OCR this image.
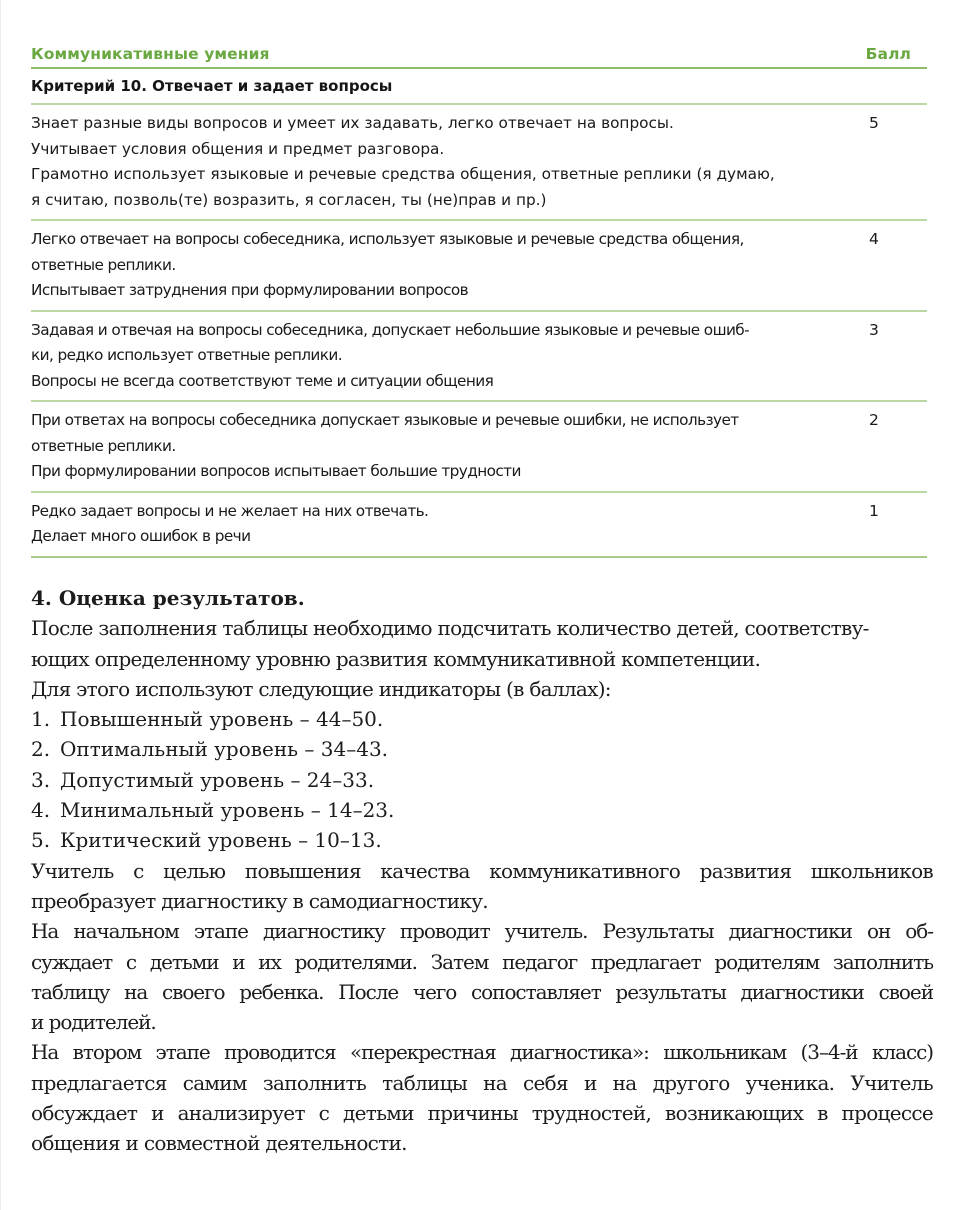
Коммуникативные умения	Балл
Критерий 10. Отвечает и задает вопросы
Знает разные виды вопросов и умеет их задавать, легко отвечает на вопросы.
Учитывает условия общения и предмет разговора.
Грамотно использует языковые и речевые средства общения, ответные реплики (я думаю,
я считаю, позволь(те) возразить, я согласен, ты (не)прав и пр.)
5
Легко отвечает на вопросы собеседника, использует языковые и речевые средства общения,
ответные реплики.
Испытывает затруднения при формулировании вопросов
4
Задавая и отвечая на вопросы собеседника, допускает небольшие языковые и речевые ошиб-
ки, редко использует ответные реплики.
Вопросы не всегда соответствуют теме и ситуации общения
3
При ответах на вопросы собеседника допускает языковые и речевые ошибки, не использует
ответные реплики.
При формулировании вопросов испытывает большие трудности
2
Редко задает вопросы и не желает на них отвечать.
Делает много ошибок в речи
1
4. Оценка результатов.
После заполнения таблицы необходимо подсчитать количество детей, соответству-
ющих определенному уровню развития коммуникативной компетенции.
Для этого используют следующие индикаторы (в баллах):
1. Повышенный уровень – 44–50.
2. Оптимальный уровень – 34–43.
3. Допустимый уровень – 24–33.
4. Минимальный уровень – 14–23.
5. Критический уровень – 10–13.
Учитель с целью повышения качества коммуникативного развития школьников
преобразует диагностику в самодиагностику.
На начальном этапе диагностику проводит учитель. Результаты диагностики он об-
суждает с детьми и их родителями. Затем педагог предлагает родителям заполнить
таблицу на своего ребенка. После чего сопоставляет результаты диагностики своей
и родителей.
На втором этапе проводится «перекрестная диагностика»: школьникам (3–4-й класс)
предлагается самим заполнить таблицы на себя и на другого ученика. Учитель
обсуждает и анализирует с детьми причины трудностей, возникающих в процессе
общения и совместной деятельности.
